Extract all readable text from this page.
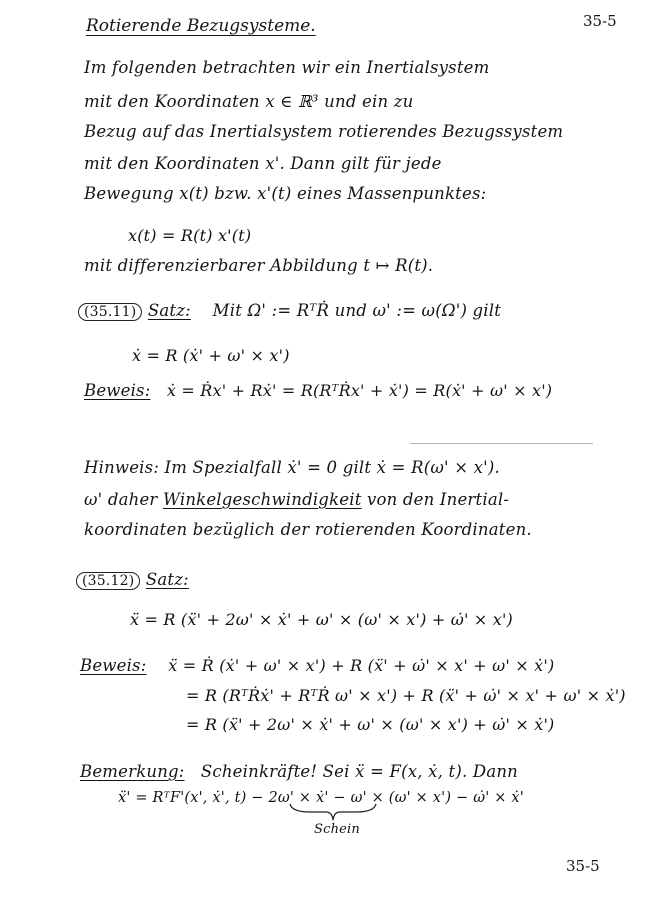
35-5
Rotierende Bezugsysteme.
Im folgenden betrachten wir ein Inertialsystem
mit den Koordinaten x ∈ ℝ³ und ein zu
Bezug auf das Inertialsystem rotierendes Bezugssystem
mit den Koordinaten x'. Dann gilt für jede
Bewegung x(t) bzw. x'(t) eines Massenpunktes:
x(t) = R(t) x'(t)
mit differenzierbarer Abbildung t ↦ R(t).
(35.11) Satz: Mit Ω' := RᵀṘ und ω' := ω(Ω') gilt
ẋ = R (ẋ' + ω' × x')
Beweis: ẋ = Ṙx' + Rẋ' = R(RᵀṘx' + ẋ') = R(ẋ' + ω' × x')
Hinweis: Im Spezialfall ẋ' = 0 gilt ẋ = R(ω' × x').
ω' daher Winkelgeschwindigkeit von den Inertial-
koordinaten bezüglich der rotierenden Koordinaten.
(35.12) Satz:
ẍ = R (ẍ' + 2ω' × ẋ' + ω' × (ω' × x') + ω̇' × x')
Beweis: ẍ = Ṙ (ẋ' + ω' × x') + R (ẍ' + ω̇' × x' + ω' × ẋ')
= R (RᵀṘẋ' + RᵀṘ ω' × x') + R (ẍ' + ω̇' × x' + ω' × ẋ')
= R (ẍ' + 2ω' × ẋ' + ω' × (ω' × x') + ω̇' × ẋ')
Bemerkung: Scheinkräfte! Sei ẍ = F(x, ẋ, t). Dann
ẍ' = RᵀF'(x', ẋ', t) − 2ω' × ẋ' − ω' × (ω' × x') − ω̇' × ẋ'
Schein
35-5
